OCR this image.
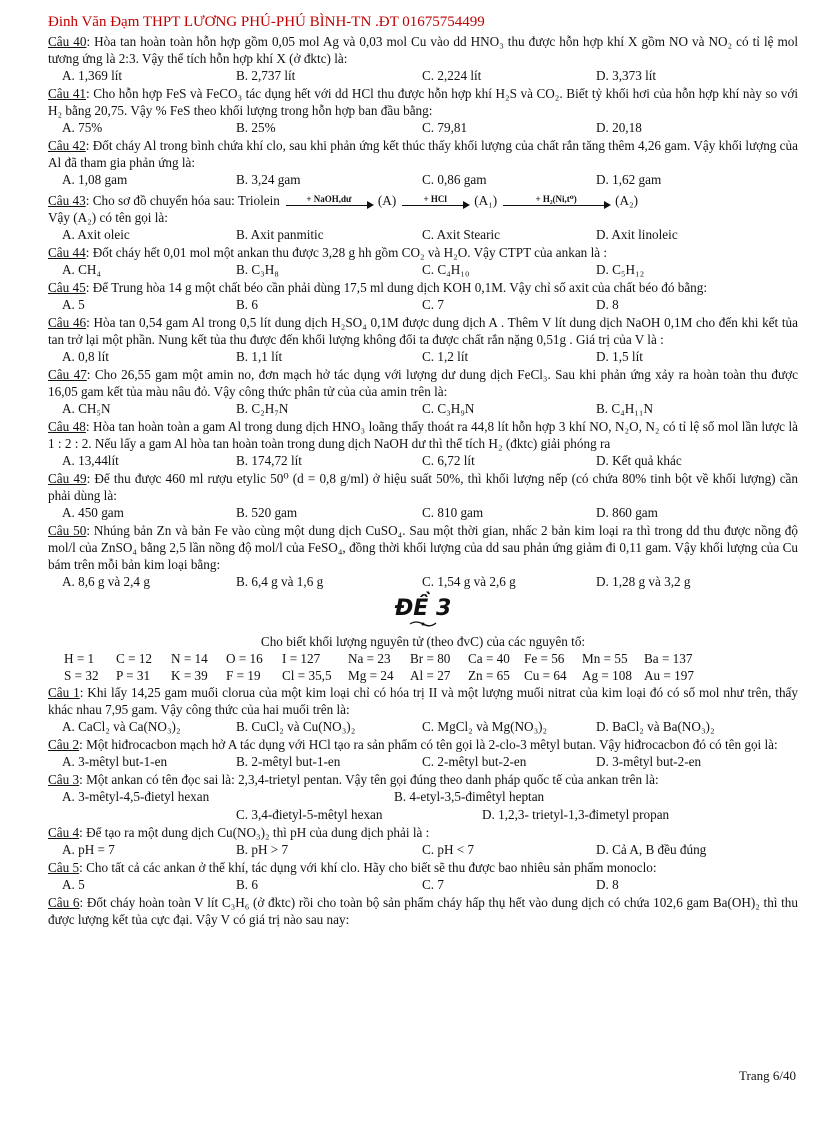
Đinh Văn Đạm THPT LƯƠNG PHÚ-PHÚ BÌNH-TN .ĐT 01675754499

Câu 40: Hòa tan hoàn toàn hỗn hợp gồm 0,05 mol Ag và 0,03 mol Cu vào dd HNO₃ thu được hỗn hợp khí X gồm NO và NO₂ có tỉ lệ mol tương ứng là 2:3. Vậy thể tích hỗn hợp khí X (ở đktc) là:

A. 1,369 lít	B. 2,737 lít	C. 2,224 lít	D. 3,373 lít

Câu 41: Cho hỗn hợp FeS và FeCO₃ tác dụng hết với dd HCl thu được hỗn hợp khí H₂S và CO₂. Biết tỷ khối hơi của hỗn hợp khí này so với H₂ bằng 20,75. Vậy % FeS theo khối lượng trong hỗn hợp ban đầu bằng:

A. 75%	B. 25%	C. 79,81	D. 20,18

Câu 42: Đốt cháy Al trong bình chứa khí clo, sau khi phản ứng kết thúc thấy khối lượng của chất rắn tăng thêm 4,26 gam. Vậy khối lượng của Al đã tham gia phản ứng là:

A. 1,08 gam	B. 3,24 gam	C. 0,86 gam	D. 1,62 gam
Câu 43 : Cho sơ đồ chuyển hóa sau: Triolein	+ NaOH,dư (A)	+ HCl (A₁)	+ H₂(Ni,t⁰)	(A₂)

Vậy (A₂) có tên gọi là:

A. Axit oleic	B. Axit panmitic	C. Axit Stearic	D. Axit linoleic

Câu 44: Đốt cháy hết 0,01 mol một ankan thu được 3,28 g hh gồm CO₂ và H₂O. Vậy CTPT của ankan là :

A. CH₄	B. C₃H₈	C. C₄H₁₀	D. C₅H₁₂

Câu 45: Để Trung hòa 14 g một chất béo cần phải dùng 17,5 ml dung dịch KOH 0,1M. Vậy chỉ số axit của chất béo đó bằng:

A. 5	B. 6	C. 7	D. 8

Câu 46: Hòa tan 0,54 gam Al trong 0,5 lít dung dịch H₂SO₄ 0,1M được dung dịch A . Thêm V lít dung dịch NaOH 0,1M cho đến khi kết tủa tan trở lại một phần. Nung kết tủa thu được đến khối lượng không đổi ta được chất rắn nặng 0,51g . Giá trị của V là :

A. 0,8 lít	B. 1,1 lít	C. 1,2 lít	D. 1,5 lít

Câu 47: Cho 26,55 gam một amin no, đơn mạch hở tác dụng với lượng dư dung dịch FeCl₃. Sau khi phản ứng xảy ra hoàn toàn thu được 16,05 gam kết tủa màu nâu đỏ. Vậy công thức phân tử của của amin trên là:

A. CH₅N	B. C₂H₇N	C. C₃H₉N	B. C₄H₁₁N

Câu 48: Hòa tan hoàn toàn a gam Al trong dung dịch HNO₃ loãng thấy thoát ra 44,8 lít hỗn hợp 3 khí NO, N₂O, N₂ có tỉ lệ số mol lần lược là 1 : 2 : 2. Nếu lấy a gam Al hòa tan hoàn toàn trong dung dịch NaOH dư thì thể tích H₂ (đktc) giải phóng ra

A. 13,44lít	B. 174,72 lít	C. 6,72 lít	D. Kết quả khác

Câu 49: Để thu được 460 ml rượu etylic 50⁰ (d = 0,8 g/ml) ở hiệu suất 50%, thì khối lượng nếp (có chứa 80% tinh bột về khối lượng) cần phải dùng là:

A. 450 gam	B. 520 gam	C. 810 gam	D. 860 gam

Câu 50: Nhúng bản Zn và bản Fe vào cùng một dung dịch CuSO₄. Sau một thời gian, nhấc 2 bản kim loại ra thì trong dd thu được nồng độ mol/l của ZnSO₄ bằng 2,5 lần nồng độ mol/l của FeSO₄, đồng thời khối lượng của dd sau phản ứng giảm đi 0,11 gam. Vậy khối lượng của Cu bám trên mỗi bản kim loại bằng:

A. 8,6 g và 2,4 g	B. 6,4 g và 1,6 g	C. 1,54 g và 2,6 g	D. 1,28 g và 3,2 g
ĐỀ 3
Cho biết khối lượng nguyên tử (theo đvC) của các nguyên tố:
H = 1	C = 12	N = 14	O = 16	I = 127	Na = 23	Br = 80	Ca = 40	Fe = 56	Mn = 55	Ba = 137
S = 32	P = 31	K = 39	F = 19	Cl = 35,5	Mg = 24	Al = 27	Zn = 65	Cu = 64	Ag = 108 Au = 197

Câu 1: Khi lấy 14,25 gam muối clorua của một kim loại chỉ có hóa trị II và một lượng muối nitrat của kim loại đó có số mol như trên, thấy khác nhau 7,95 gam. Vậy công thức của hai muối trên là:

A. CaCl₂ và Ca(NO₃)₂	B. CuCl₂ và Cu(NO₃)₂	C. MgCl₂ và Mg(NO₃)₂	D. BaCl₂ và Ba(NO₃)₂

Câu 2: Một hiđrocacbon mạch hở A tác dụng với HCl tạo ra sản phẩm có tên gọi là 2-clo-3 mêtyl butan. Vậy hiđrocacbon đó có tên gọi là:

A. 3-mêtyl but-1-en	B. 2-mêtyl but-1-en	C. 2-mêtyl but-2-en	D. 3-mêtyl but-2-en

Câu 3: Một ankan có tên đọc sai là: 2,3,4-trietyl pentan. Vậy tên gọi đúng theo danh pháp quốc tế của ankan trên là:

A. 3-mêtyl-4,5-đietyl hexan	B. 4-etyl-3,5-đimêtyl heptan
C. 3,4-đietyl-5-mêtyl hexan	D. 1,2,3- trietyl-1,3-đimetyl propan

Câu 4: Để tạo ra một dung dịch Cu(NO₃)₂ thì pH của dung dịch phải là :

A. pH = 7	B. pH > 7	C. pH < 7	D. Cả A, B đều đúng

Câu 5: Cho tất cả các ankan ở thể khí, tác dụng với khí clo. Hãy cho biết sẽ thu được bao nhiêu sản phẩm monoclo:

A. 5	B. 6	C. 7	D. 8

Câu 6: Đốt cháy hoàn toàn V lít C₃H₆ (ở đktc) rồi cho toàn bộ sản phẩm cháy hấp thụ hết vào dung dịch có chứa 102,6 gam Ba(OH)₂ thì thu được lượng kết tủa cực đại. Vậy V có giá trị nào sau nay:

Trang 6/40
